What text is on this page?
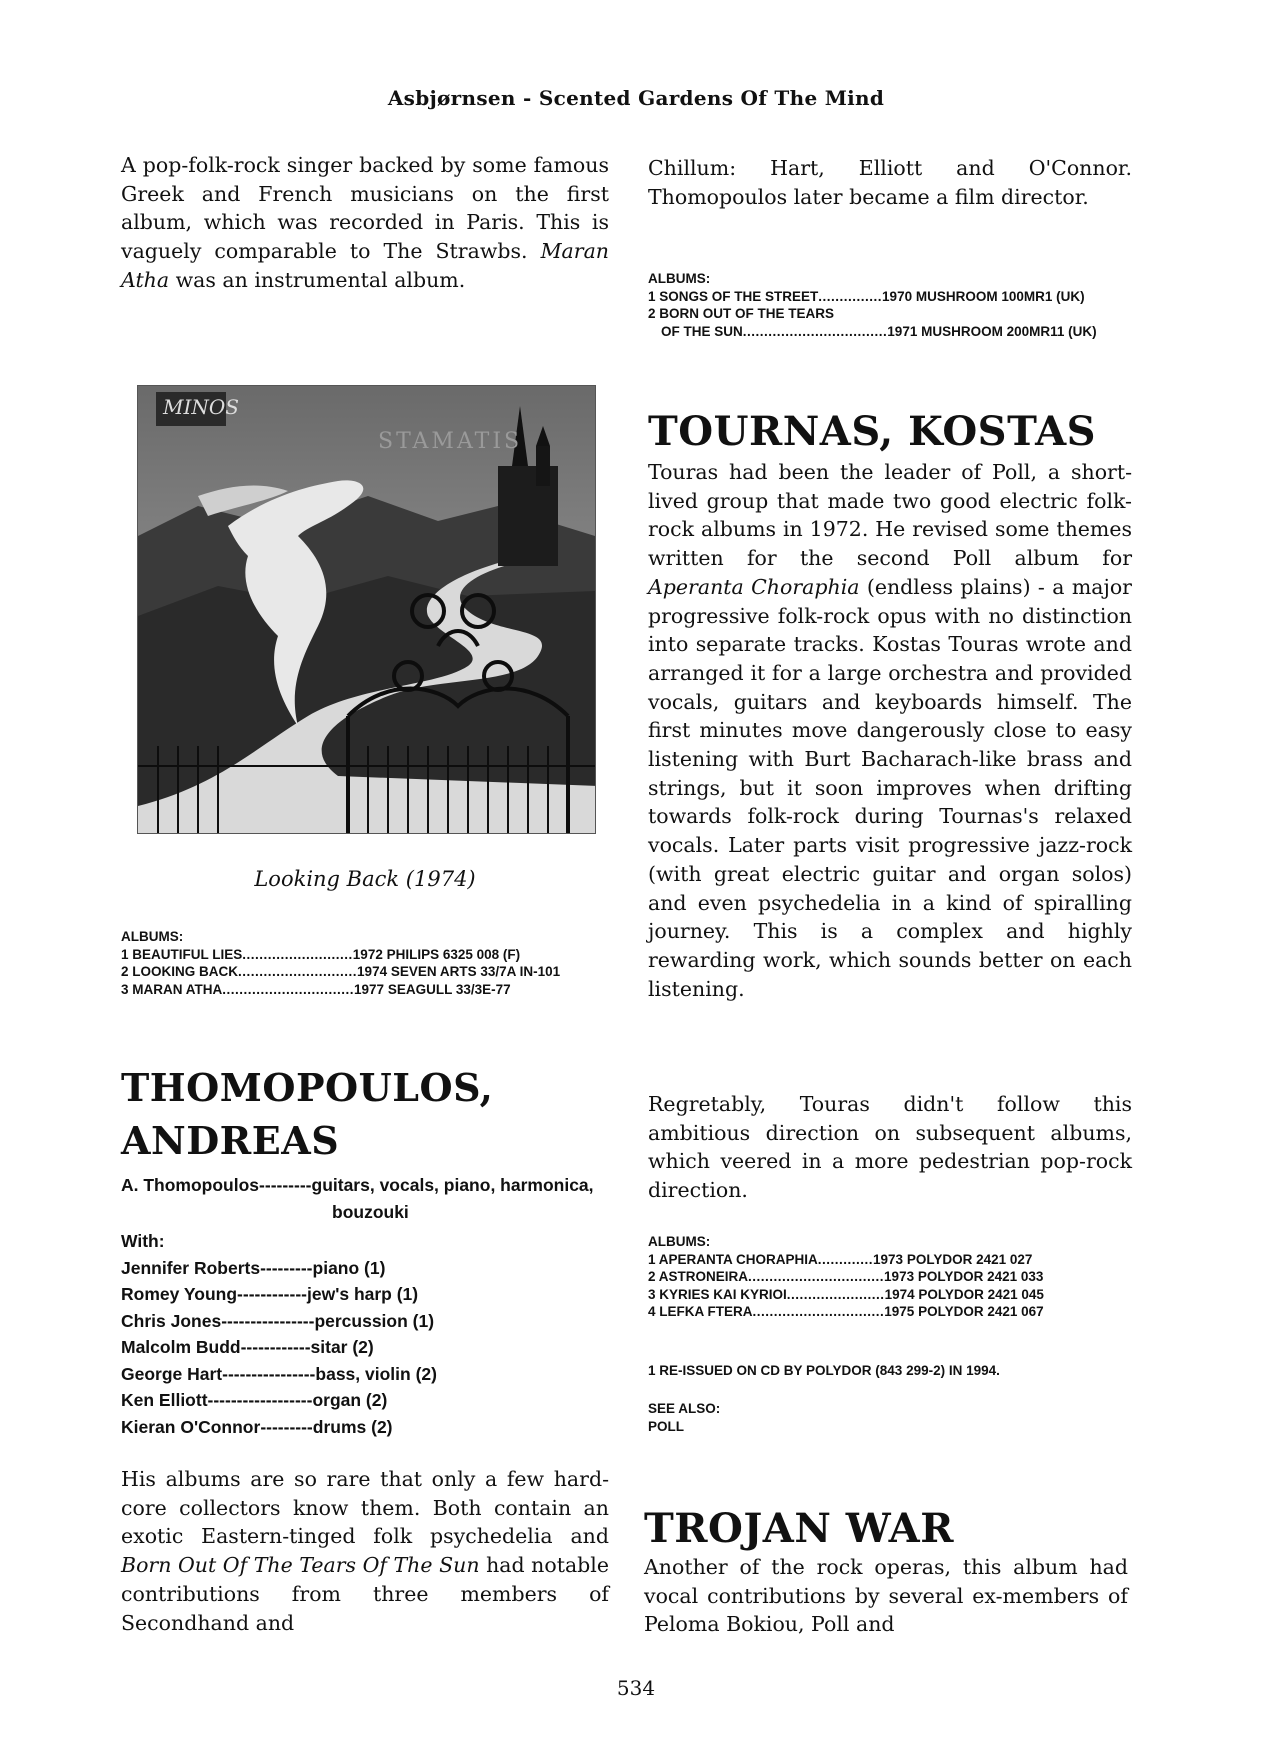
Asbjørnsen - Scented Gardens Of The Mind

A pop-folk-rock singer backed by some famous Greek and French musicians on the first album, which was recorded in Paris. This is vaguely comparable to The Strawbs. Maran Atha was an instrumental album.

MINOS
STAMATIS
Looking Back (1974)
ALBUMS:
1 BEAUTIFUL LIES..........................1972 PHILIPS 6325 008 (F)
2 LOOKING BACK............................1974 SEVEN ARTS 33/7A IN-101
3 MARAN ATHA...............................1977 SEAGULL 33/3E-77
THOMOPOULOS,
ANDREAS
A. Thomopoulos---------guitars, vocals, piano, harmonica,
bouzouki
With:
Jennifer Roberts---------piano (1)
Romey Young------------jew's harp (1)
Chris Jones----------------percussion (1)
Malcolm Budd------------sitar (2)
George Hart----------------bass, violin (2)
Ken Elliott------------------organ (2)
Kieran O'Connor---------drums (2)

His albums are so rare that only a few hard-core collectors know them. Both contain an exotic Eastern-tinged folk psychedelia and Born Out Of The Tears Of The Sun had notable contributions from three members of Secondhand and

Chillum: Hart, Elliott and O'Connor. Thomopoulos later became a film director.

ALBUMS:
1 SONGS OF THE STREET...............1970 MUSHROOM 100MR1 (UK)
2 BORN OUT OF THE TEARS
OF THE SUN..................................1971 MUSHROOM 200MR11 (UK)
TOURNAS, KOSTAS

Touras had been the leader of Poll, a short-lived group that made two good electric folk-rock albums in 1972. He revised some themes written for the second Poll album for Aperanta Choraphia (endless plains) - a major progressive folk-rock opus with no distinction into separate tracks. Kostas Touras wrote and arranged it for a large orchestra and provided vocals, guitars and keyboards himself. The first minutes move dangerously close to easy listening with Burt Bacharach-like brass and strings, but it soon improves when drifting towards folk-rock during Tournas's relaxed vocals. Later parts visit progressive jazz-rock (with great electric guitar and organ solos) and even psychedelia in a kind of spiralling journey. This is a complex and highly rewarding work, which sounds better on each listening.

Regretably, Touras didn't follow this ambitious direction on subsequent albums, which veered in a more pedestrian pop-rock direction.

ALBUMS:
1 APERANTA CHORAPHIA.............1973 POLYDOR 2421 027
2 ASTRONEIRA................................1973 POLYDOR 2421 033
3 KYRIES KAI KYRIOI.......................1974 POLYDOR 2421 045
4 LEFKA FTERA...............................1975 POLYDOR 2421 067
1 RE-ISSUED ON CD BY POLYDOR (843 299-2) IN 1994.
SEE ALSO:
POLL
TROJAN WAR

Another of the rock operas, this album had vocal contributions by several ex-members of Peloma Bokiou, Poll and

534
